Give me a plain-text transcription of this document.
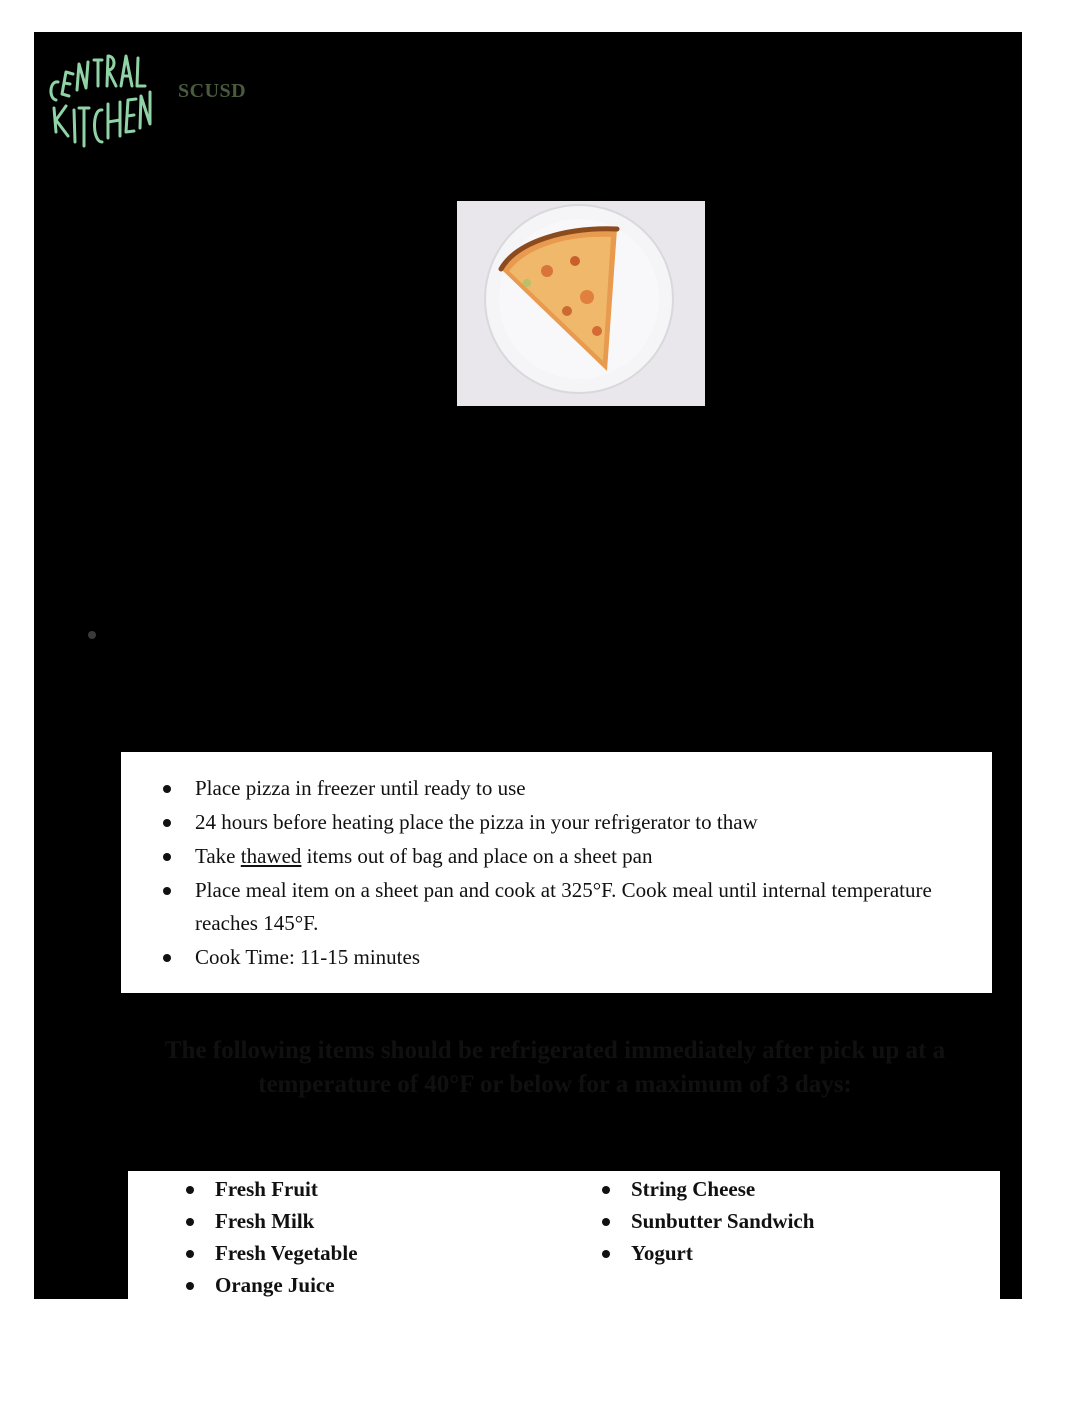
SCUSD
Place pizza in freezer until ready to use
24 hours before heating place the pizza in your refrigerator to thaw
Take thawed items out of bag and place on a sheet pan
Place meal item on a sheet pan and cook at 325°F. Cook meal until internal temperature reaches 145°F.
Cook Time: 11-15 minutes
The following items should be refrigerated immediately after pick up at a temperature of 40°F or below for a maximum of 3 days:
Fresh Fruit
Fresh Milk
Fresh Vegetable
Orange Juice
String Cheese
Sunbutter Sandwich
Yogurt
